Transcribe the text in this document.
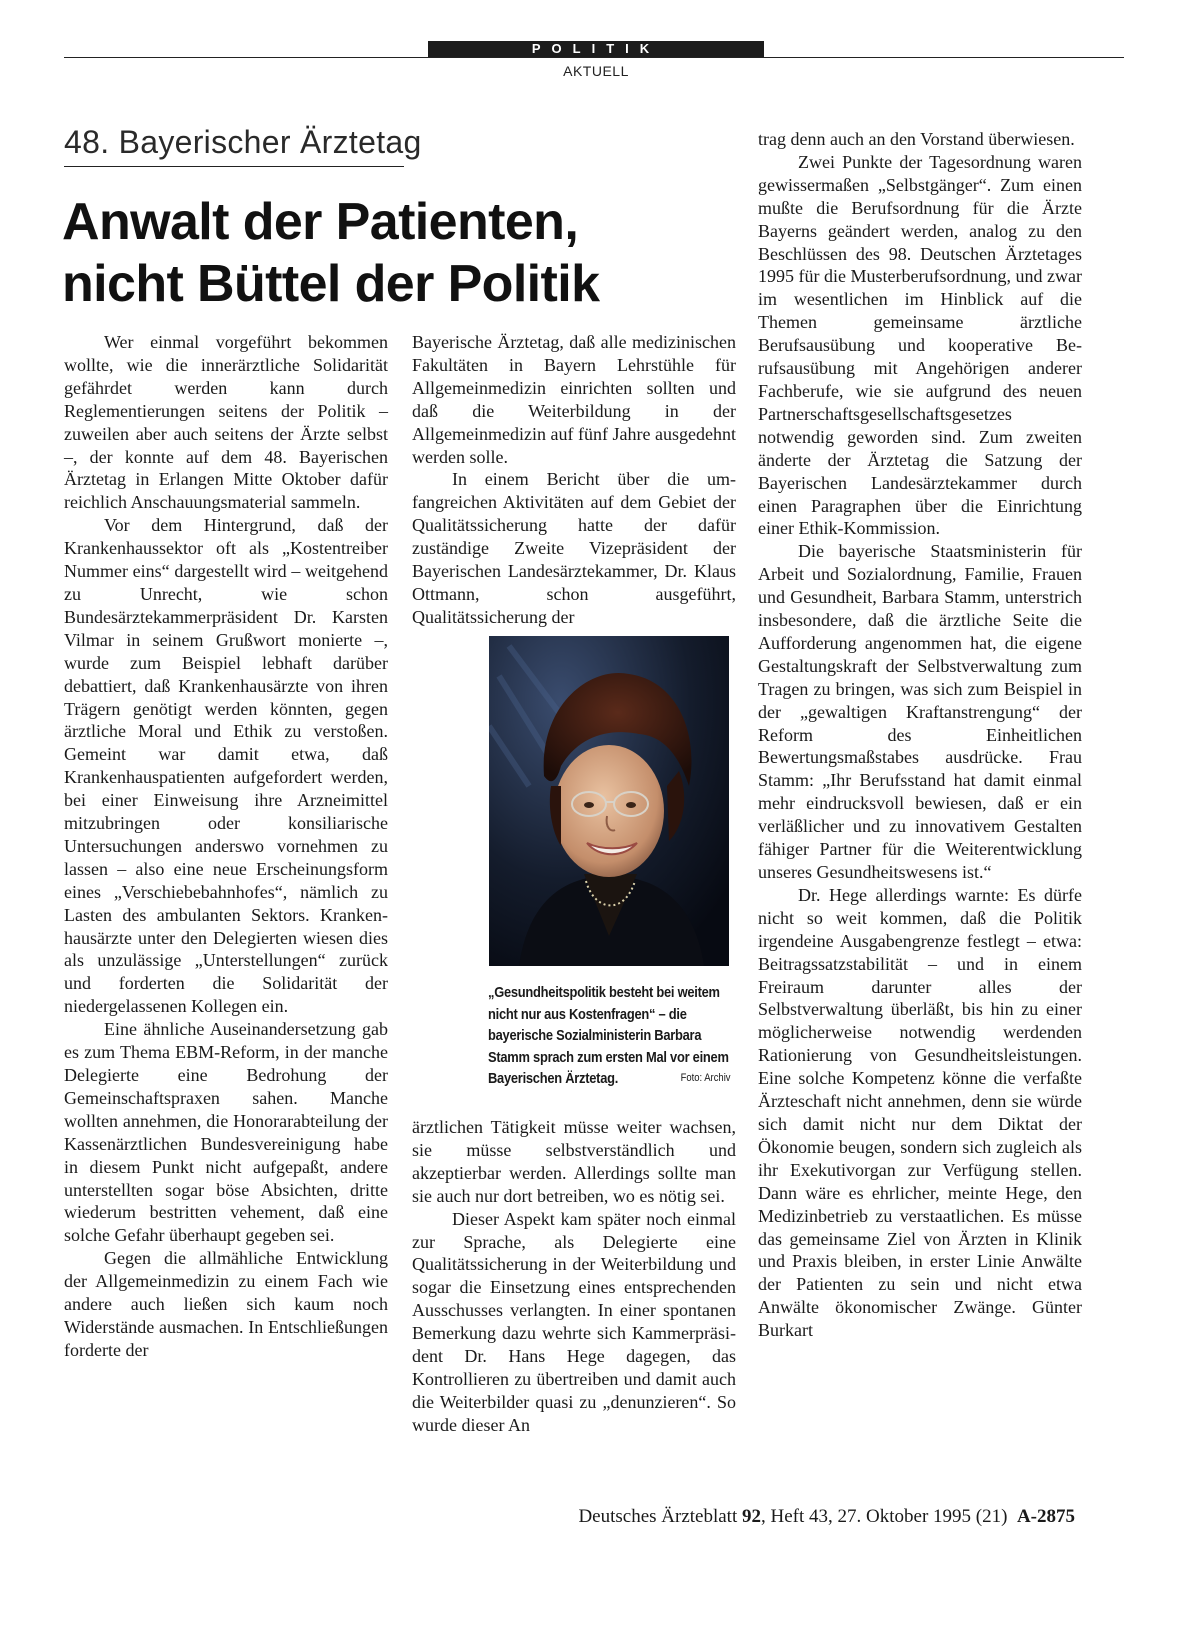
POLITIK
AKTUELL
48. Bayerischer Ärztetag
Anwalt der Patienten,
nicht Büttel der Politik

Wer einmal vorgeführt bekommen wollte, wie die innerärztliche Solidarität gefährdet werden kann durch Reglementierungen seitens der Politik – zuweilen aber auch seitens der Ärzte selbst –, der konnte auf dem 48. Bayerischen Ärztetag in Erlangen Mitte Oktober dafür reichlich Anschauungsmaterial sammeln.

Vor dem Hintergrund, daß der Krankenhaussektor oft als „Kostentreiber Nummer eins“ dargestellt wird – weitgehend zu Unrecht, wie schon Bundesärztekammerpräsident Dr. Karsten Vilmar in seinem Grußwort monierte –, wurde zum Beispiel lebhaft darüber debattiert, daß Krankenhausärzte von ihren Trägern genötigt werden könnten, gegen ärztliche Moral und Ethik zu verstoßen. Gemeint war damit etwa, daß Krankenhauspatienten aufgefordert werden, bei einer Einweisung ihre Arzneimittel mitzubringen oder konsiliarische Untersuchungen anderswo vornehmen zu lassen – also eine neue Erscheinungsform eines „Verschiebebahnhofes“, nämlich zu Lasten des ambulanten Sektors. Krankenhausärzte unter den Delegierten wiesen dies als unzulässige „Unterstellungen“ zurück und forderten die Solidarität der niedergelassenen Kollegen ein.

Eine ähnliche Auseinandersetzung gab es zum Thema EBM-Reform, in der manche Delegierte eine Bedrohung der Gemeinschaftspraxen sahen. Manche wollten annehmen, die Honorarabteilung der Kassenärztlichen Bundesvereinigung habe in diesem Punkt nicht aufgepaßt, andere unterstellten sogar böse Absichten, dritte wiederum bestritten vehement, daß eine solche Gefahr überhaupt gegeben sei.

Gegen die allmähliche Entwicklung der Allgemeinmedizin zu einem Fach wie andere auch ließen sich kaum noch Widerstände ausmachen. In Entschließungen forderte der

Bayerische Ärztetag, daß alle medizinischen Fakultäten in Bayern Lehrstühle für Allgemeinmedizin einrichten sollten und daß die Weiterbildung in der Allgemeinmedizin auf fünf Jahre ausgedehnt werden solle.

In einem Bericht über die umfangreichen Aktivitäten auf dem Gebiet der Qualitätssicherung hatte der dafür zuständige Zweite Vizepräsident der Bayerischen Landesärztekammer, Dr. Klaus Ottmann, schon ausgeführt, Qualitätssicherung der

„Gesundheitspolitik besteht bei weitem nicht nur aus Kostenfragen“ – die bayerische Sozialministerin Barbara Stamm sprach zum ersten Mal vor einem Bayerischen Ärztetag.	Foto: Archiv

ärztlichen Tätigkeit müsse weiter wachsen, sie müsse selbstverständlich und akzeptierbar werden. Allerdings sollte man sie auch nur dort betreiben, wo es nötig sei.

Dieser Aspekt kam später noch einmal zur Sprache, als Delegierte eine Qualitätssicherung in der Weiterbildung und sogar die Einsetzung eines entsprechenden Ausschusses verlangten. In einer spontanen Bemerkung dazu wehrte sich Kammerpräsident Dr. Hans Hege dagegen, das Kontrollieren zu übertreiben und damit auch die Weiterbilder quasi zu „denunzieren“. So wurde dieser An

trag denn auch an den Vorstand überwiesen.

Zwei Punkte der Tagesordnung waren gewissermaßen „Selbstgänger“. Zum einen mußte die Berufsordnung für die Ärzte Bayerns geändert werden, analog zu den Beschlüssen des 98. Deutschen Ärztetages 1995 für die Musterberufsordnung, und zwar im wesentlichen im Hinblick auf die Themen gemeinsame ärztliche Berufsausübung und kooperative Berufsausübung mit Angehörigen anderer Fachberufe, wie sie aufgrund des neuen Partnerschaftsgesellschaftsgesetzes notwendig geworden sind. Zum zweiten änderte der Ärztetag die Satzung der Bayerischen Landesärztekammer durch einen Paragraphen über die Einrichtung einer Ethik-Kommission.

Die bayerische Staatsministerin für Arbeit und Sozialordnung, Familie, Frauen und Gesundheit, Barbara Stamm, unterstrich insbesondere, daß die ärztliche Seite die Aufforderung angenommen hat, die eigene Gestaltungskraft der Selbstverwaltung zum Tragen zu bringen, was sich zum Beispiel in der „gewaltigen Kraftanstrengung“ der Reform des Einheitlichen Bewertungsmaßstabes ausdrücke. Frau Stamm: „Ihr Berufsstand hat damit einmal mehr eindrucksvoll bewiesen, daß er ein verläßlicher und zu innovativem Gestalten fähiger Partner für die Weiterentwicklung unseres Gesundheitswesens ist.“

Dr. Hege allerdings warnte: Es dürfe nicht so weit kommen, daß die Politik irgendeine Ausgabengrenze festlegt – etwa: Beitragssatzstabilität – und in einem Freiraum darunter alles der Selbstverwaltung überläßt, bis hin zu einer möglicherweise notwendig werdenden Rationierung von Gesundheitsleistungen. Eine solche Kompetenz könne die verfaßte Ärzteschaft nicht annehmen, denn sie würde sich damit nicht nur dem Diktat der Ökonomie beugen, sondern sich zugleich als ihr Exekutivorgan zur Verfügung stellen. Dann wäre es ehrlicher, meinte Hege, den Medizinbetrieb zu verstaatlichen. Es müsse das gemeinsame Ziel von Ärzten in Klinik und Praxis bleiben, in erster Linie Anwälte der Patienten zu sein und nicht etwa Anwälte ökonomischer Zwänge. Günter Burkart

Deutsches Ärzteblatt 92, Heft 43, 27. Oktober 1995 (21) A-2875
